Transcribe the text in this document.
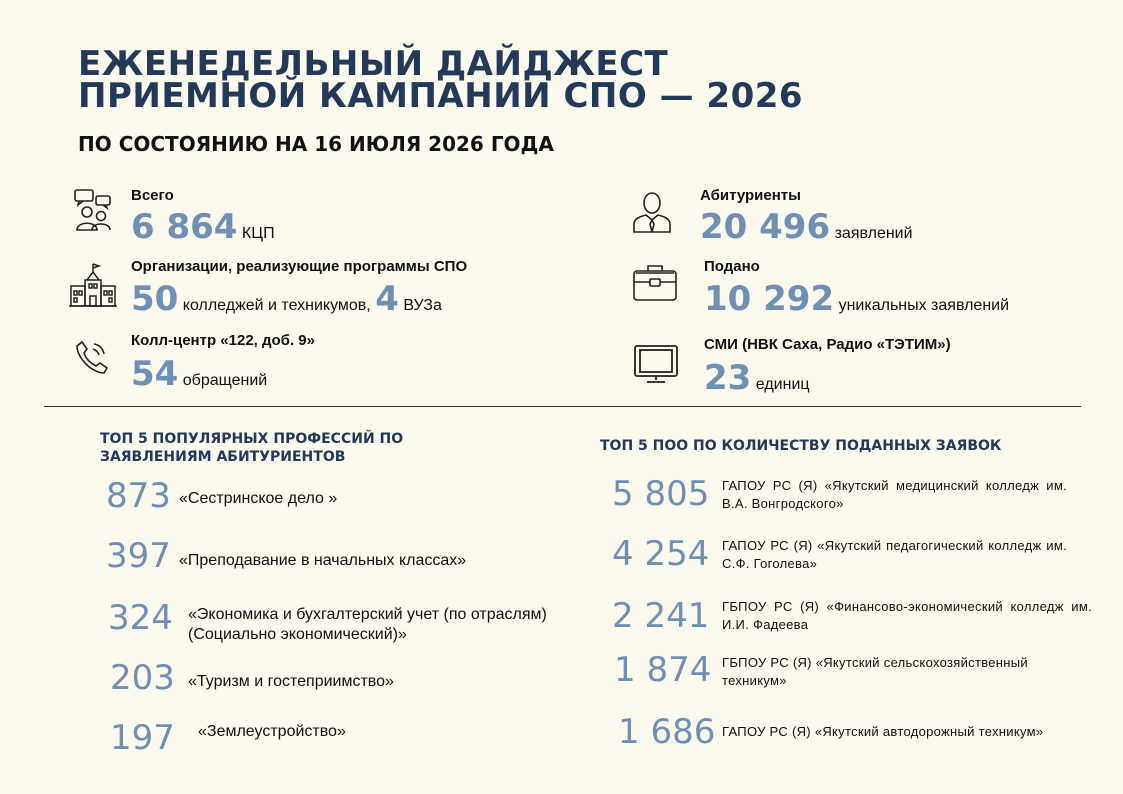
ЕЖЕНЕДЕЛЬНЫЙ ДАЙДЖЕСТ
ПРИЕМНОЙ КАМПАНИИ СПО — 2026
ПО СОСТОЯНИЮ НА 16 ИЮЛЯ 2026 ГОДА
Всего
6 864 КЦП
Организации, реализующие программы СПО
50 колледжей и техникумов, 4 ВУЗа
Колл-центр «122, доб. 9»
54 обращений
Абитуриенты
20 496 заявлений
Подано
10 292 уникальных заявлений
СМИ (НВК Саха, Радио «ТЭТИМ»)
23 единиц
ТОП 5 ПОПУЛЯРНЫХ ПРОФЕССИЙ ПО
ЗАЯВЛЕНИЯМ АБИТУРИЕНТОВ
873 «Сестринское дело »
397 «Преподавание в начальных классах»
324 «Экономика и бухгалтерский учет (по отраслям) (Социально экономический)»
203 «Туризм и гостеприимство»
197 «Землеустройство»
ТОП 5 ПОО ПО КОЛИЧЕСТВУ ПОДАННЫХ ЗАЯВОК
5 805 ГАПОУ РС (Я) «Якутский медицинский колледж им. В.А. Вонгродского»
4 254 ГАПОУ РС (Я) «Якутский педагогический колледж им. С.Ф. Гоголева»
2 241 ГБПОУ РС (Я) «Финансово-экономический колледж им. И.И. Фадеева
1 874 ГБПОУ РС (Я) «Якутский сельскохозяйственный техникум»
1 686 ГАПОУ РС (Я) «Якутский автодорожный техникум»
